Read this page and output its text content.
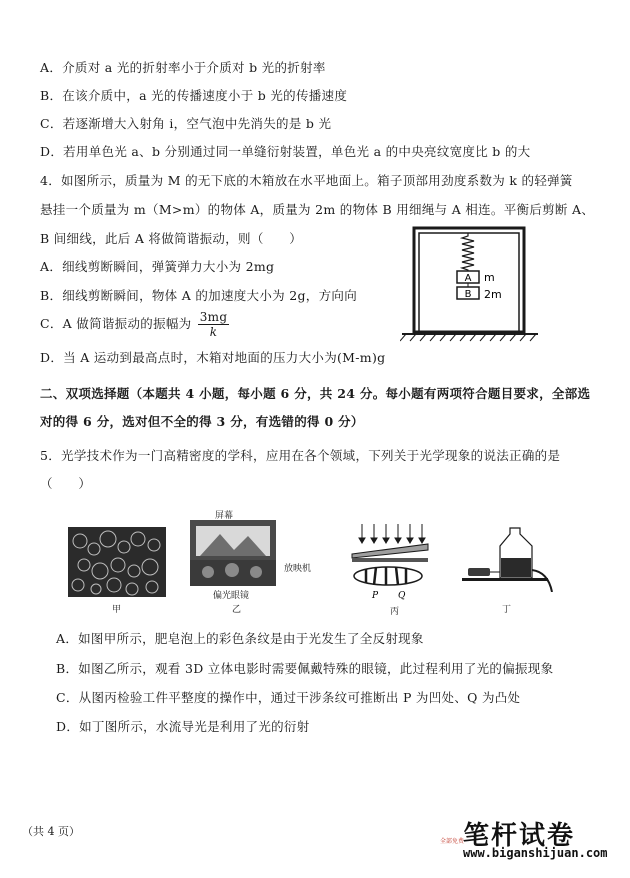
A．介质对 a 光的折射率小于介质对 b 光的折射率
B．在该介质中，a 光的传播速度小于 b 光的传播速度
C．若逐渐增大入射角 i，空气泡中先消失的是 b 光
D．若用单色光 a、b 分别通过同一单缝衍射装置，单色光 a 的中央亮纹宽度比 b 的大
4．如图所示，质量为 M 的无下底的木箱放在水平地面上。箱子顶部用劲度系数为 k 的轻弹簧
悬挂一个质量为 m（M>m）的物体 A，质量为 2m 的物体 B 用细绳与 A 相连。平衡后剪断 A、
B 间细线，此后 A 将做简谐振动，则（　　）
A．细线剪断瞬间，弹簧弹力大小为 2mg
B．细线剪断瞬间，物体 A 的加速度大小为 2g，方向向
C．A 做简谐振动的振幅为 $\frac{3mg}{k}$
D．当 A 运动到最高点时，木箱对地面的压力大小为(M-m)g
A m
B 2m
二、双项选择题（本题共 4 小题，每小题 6 分，共 24 分。每小题有两项符合题目要求，全部选
对的得 6 分，选对但不全的得 3 分，有选错的得 0 分）
5．光学技术作为一门高精密度的学科，应用在各个领域，下列关于光学现象的说法正确的是
（　　）
甲
屏幕
放映机
偏光眼镜
乙
P Q
丙	丁
A．如图甲所示，肥皂泡上的彩色条纹是由于光发生了全反射现象
B．如图乙所示，观看 3D 立体电影时需要佩戴特殊的眼镜，此过程利用了光的偏振现象
C．从图丙检验工件平整度的操作中，通过干涉条纹可推断出 P 为凹处、Q 为凸处
D．如丁图所示，水流导光是利用了光的衍射
（共 4 页）	笔杆试卷
全部免费
www.biganshijuan.com
